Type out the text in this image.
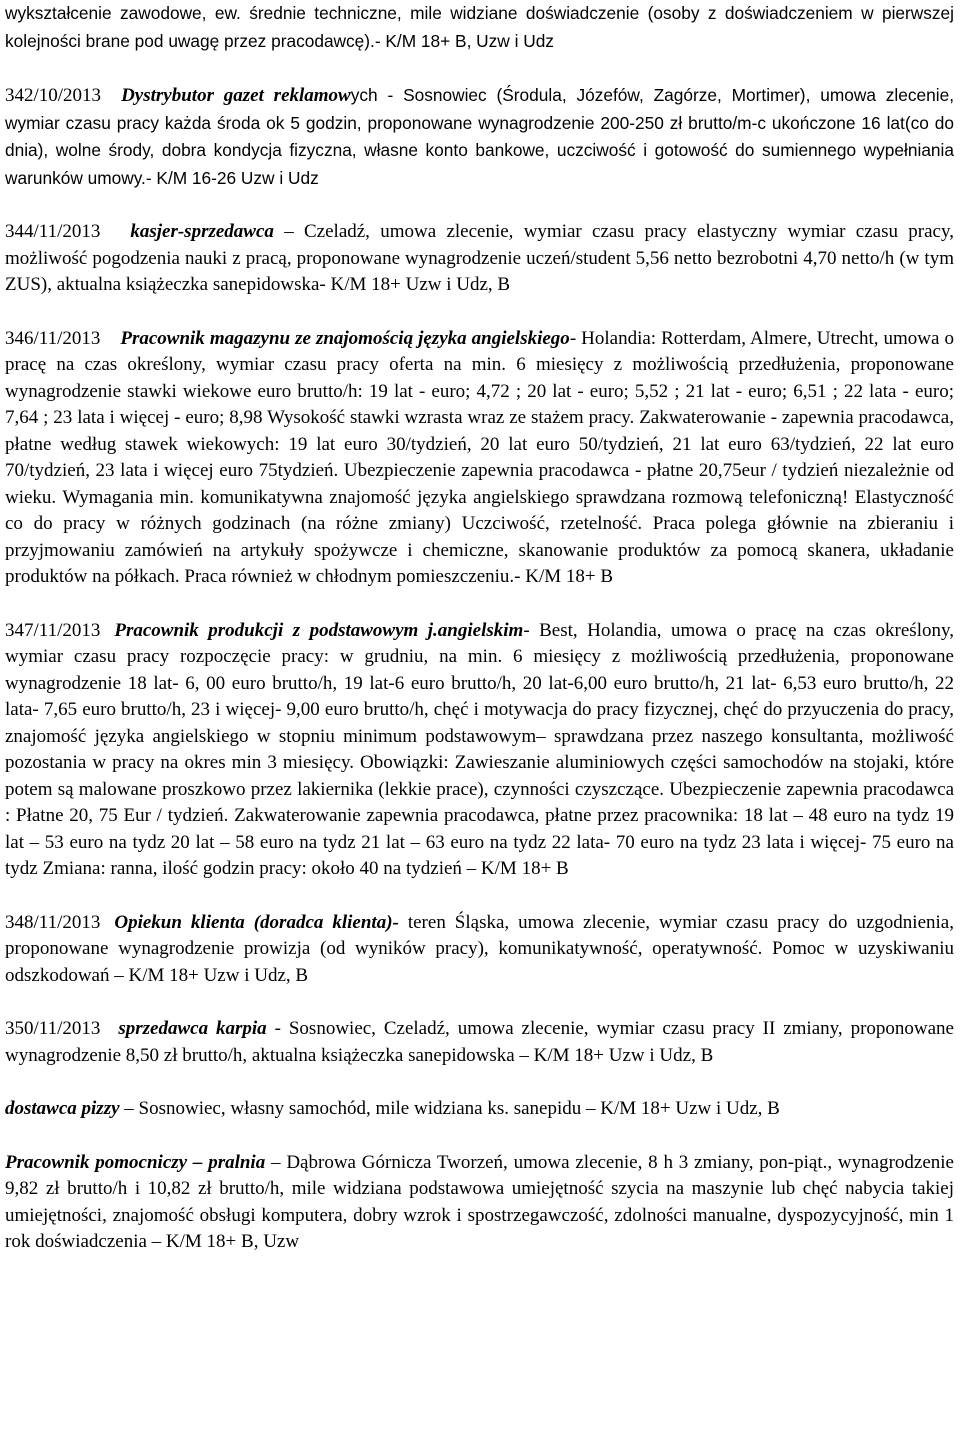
wykształcenie zawodowe, ew. średnie techniczne, mile widziane doświadczenie (osoby z doświadczeniem w pierwszej kolejności brane pod uwagę przez pracodawcę).- K/M 18+ B, Uzw i Udz

342/10/2013 Dystrybutor gazet reklamowych - Sosnowiec (Środula, Józefów, Zagórze, Mortimer), umowa zlecenie, wymiar czasu pracy każda środa ok 5 godzin, proponowane wynagrodzenie 200-250 zł brutto/m-c ukończone 16 lat(co do dnia), wolne środy, dobra kondycja fizyczna, własne konto bankowe, uczciwość i gotowość do sumiennego wypełniania warunków umowy.- K/M 16-26 Uzw i Udz

344/11/2013 kasjer-sprzedawca – Czeladź, umowa zlecenie, wymiar czasu pracy elastyczny wymiar czasu pracy, możliwość pogodzenia nauki z pracą, proponowane wynagrodzenie uczeń/student 5,56 netto bezrobotni 4,70 netto/h (w tym ZUS), aktualna książeczka sanepidowska- K/M 18+ Uzw i Udz, B

346/11/2013 Pracownik magazynu ze znajomością języka angielskiego- Holandia: Rotterdam, Almere, Utrecht, umowa o pracę na czas określony, wymiar czasu pracy oferta na min. 6 miesięcy z możliwością przedłużenia, proponowane wynagrodzenie stawki wiekowe euro brutto/h: 19 lat - euro; 4,72 ; 20 lat - euro; 5,52 ; 21 lat - euro; 6,51 ; 22 lata - euro; 7,64 ; 23 lata i więcej - euro; 8,98 Wysokość stawki wzrasta wraz ze stażem pracy. Zakwaterowanie - zapewnia pracodawca, płatne według stawek wiekowych: 19 lat euro 30/tydzień, 20 lat euro 50/tydzień, 21 lat euro 63/tydzień, 22 lat euro 70/tydzień, 23 lata i więcej euro 75tydzień. Ubezpieczenie zapewnia pracodawca - płatne 20,75eur / tydzień niezależnie od wieku. Wymagania min. komunikatywna znajomość języka angielskiego sprawdzana rozmową telefoniczną! Elastyczność co do pracy w różnych godzinach (na różne zmiany) Uczciwość, rzetelność. Praca polega głównie na zbieraniu i przyjmowaniu zamówień na artykuły spożywcze i chemiczne, skanowanie produktów za pomocą skanera, układanie produktów na półkach. Praca również w chłodnym pomieszczeniu.- K/M 18+ B

347/11/2013 Pracownik produkcji z podstawowym j.angielskim- Best, Holandia, umowa o pracę na czas określony, wymiar czasu pracy rozpoczęcie pracy: w grudniu, na min. 6 miesięcy z możliwością przedłużenia, proponowane wynagrodzenie 18 lat- 6, 00 euro brutto/h, 19 lat-6 euro brutto/h, 20 lat-6,00 euro brutto/h, 21 lat- 6,53 euro brutto/h, 22 lata- 7,65 euro brutto/h, 23 i więcej- 9,00 euro brutto/h, chęć i motywacja do pracy fizycznej, chęć do przyuczenia do pracy, znajomość języka angielskiego w stopniu minimum podstawowym– sprawdzana przez naszego konsultanta, możliwość pozostania w pracy na okres min 3 miesięcy. Obowiązki: Zawieszanie aluminiowych części samochodów na stojaki, które potem są malowane proszkowo przez lakiernika (lekkie prace), czynności czyszczące. Ubezpieczenie zapewnia pracodawca : Płatne 20, 75 Eur / tydzień. Zakwaterowanie zapewnia pracodawca, płatne przez pracownika: 18 lat – 48 euro na tydz 19 lat – 53 euro na tydz 20 lat – 58 euro na tydz 21 lat – 63 euro na tydz 22 lata- 70 euro na tydz 23 lata i więcej- 75 euro na tydz Zmiana: ranna, ilość godzin pracy: około 40 na tydzień – K/M 18+ B

348/11/2013 Opiekun klienta (doradca klienta)- teren Śląska, umowa zlecenie, wymiar czasu pracy do uzgodnienia, proponowane wynagrodzenie prowizja (od wyników pracy), komunikatywność, operatywność. Pomoc w uzyskiwaniu odszkodowań – K/M 18+ Uzw i Udz, B

350/11/2013 sprzedawca karpia - Sosnowiec, Czeladź, umowa zlecenie, wymiar czasu pracy II zmiany, proponowane wynagrodzenie 8,50 zł brutto/h, aktualna książeczka sanepidowska – K/M 18+ Uzw i Udz, B

dostawca pizzy – Sosnowiec, własny samochód, mile widziana ks. sanepidu – K/M 18+ Uzw i Udz, B

Pracownik pomocniczy – pralnia – Dąbrowa Górnicza Tworzeń, umowa zlecenie, 8 h 3 zmiany, pon-piąt., wynagrodzenie 9,82 zł brutto/h i 10,82 zł brutto/h, mile widziana podstawowa umiejętność szycia na maszynie lub chęć nabycia takiej umiejętności, znajomość obsługi komputera, dobry wzrok i spostrzegawczość, zdolności manualne, dyspozycyjność, min 1 rok doświadczenia – K/M 18+ B, Uzw
